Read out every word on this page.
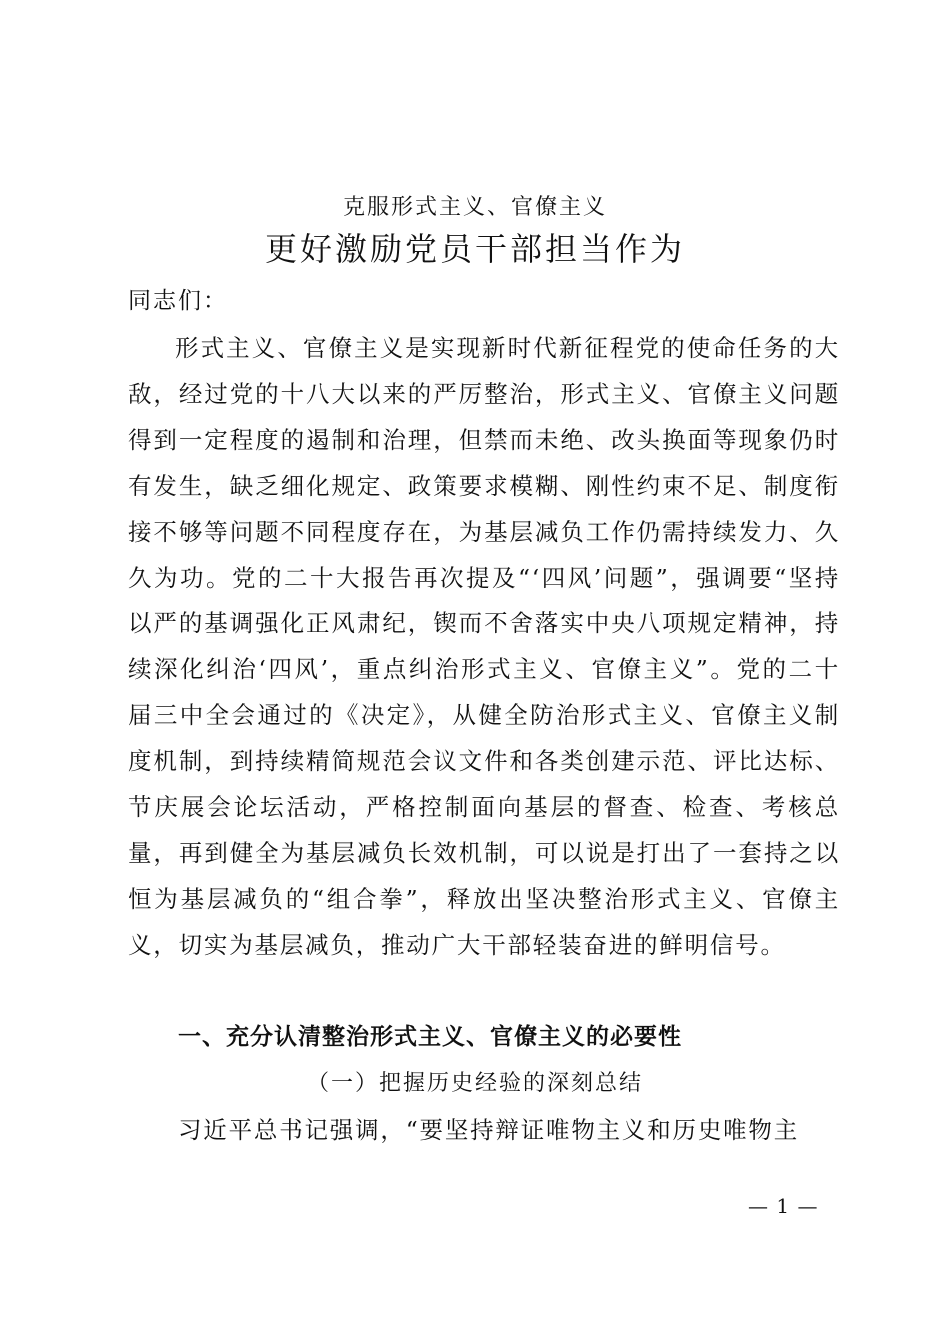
克服形式主义、官僚主义
更好激励党员干部担当作为
同志们：

形式主义、官僚主义是实现新时代新征程党的使命任务的大敌，经过党的十八大以来的严厉整治，形式主义、官僚主义问题得到一定程度的遏制和治理，但禁而未绝、改头换面等现象仍时有发生，缺乏细化规定、政策要求模糊、刚性约束不足、制度衔接不够等问题不同程度存在，为基层减负工作仍需持续发力、久久为功。党的二十大报告再次提及“‘四风’问题”，强调要“坚持以严的基调强化正风肃纪，锲而不舍落实中央八项规定精神，持续深化纠治‘四风’，重点纠治形式主义、官僚主义”。党的二十届三中全会通过的《决定》，从健全防治形式主义、官僚主义制度机制，到持续精简规范会议文件和各类创建示范、评比达标、节庆展会论坛活动，严格控制面向基层的督查、检查、考核总量，再到健全为基层减负长效机制，可以说是打出了一套持之以恒为基层减负的“组合拳”，释放出坚决整治形式主义、官僚主义，切实为基层减负，推动广大干部轻装奋进的鲜明信号。

一、充分认清整治形式主义、官僚主义的必要性
（一）把握历史经验的深刻总结
习近平总书记强调，“要坚持辩证唯物主义和历史唯物主
— 1 —
